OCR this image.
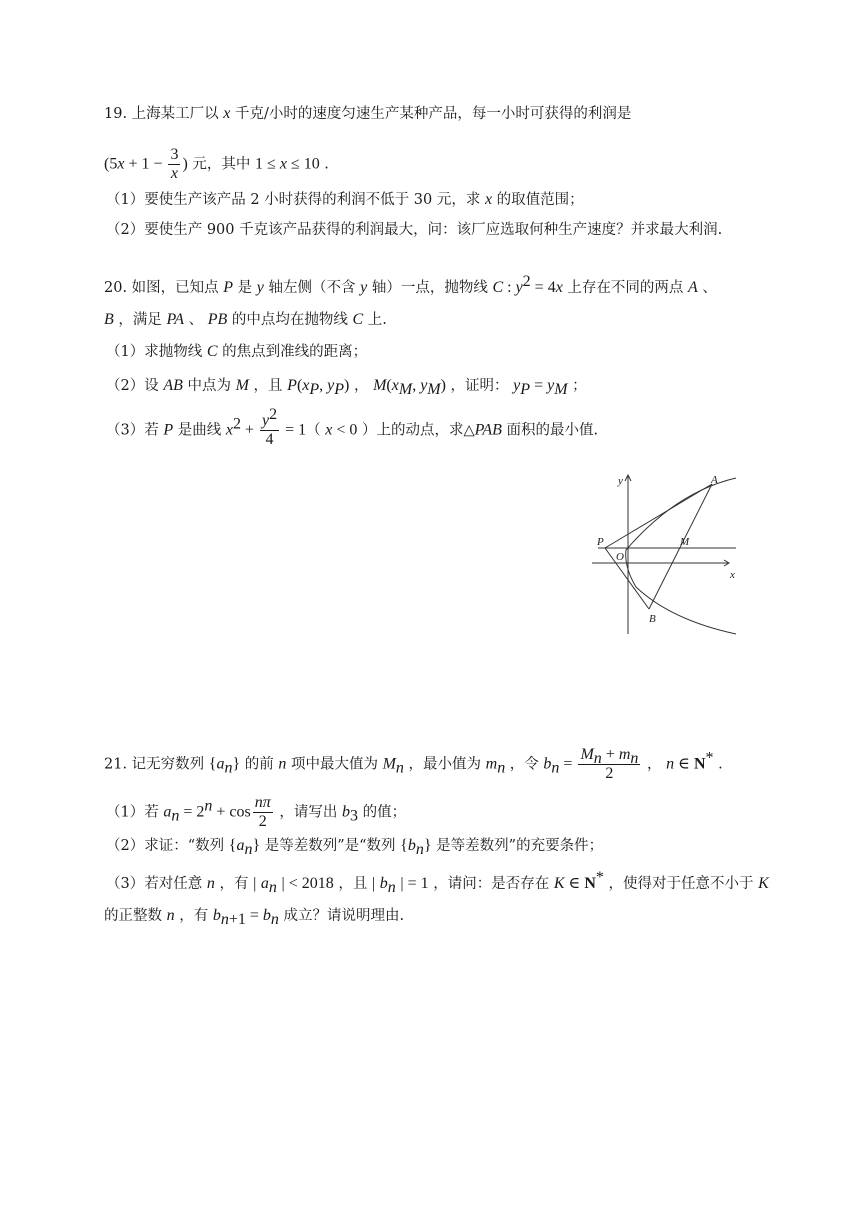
19. 上海某工厂以 x 千克/小时的速度匀速生产某种产品，每一小时可获得的利润是
($5x + 1 - \frac{3}{x}$ ) 元，其中 1 ≤ x ≤ 10 .
（1）要使生产该产品 2 小时获得的利润不低于 30 元，求 x 的取值范围；
（2）要使生产 900 千克该产品获得的利润最大，问：该厂应选取何种生产速度？并求最大利润.
20. 如图，已知点 P 是 y 轴左侧（不含 y 轴）一点，抛物线 C : $y^2 = 4x$ 上存在不同的两点 A 、
B ，满足 PA 、 PB 的中点均在抛物线 C 上.
（1）求抛物线 C 的焦点到准线的距离；
（2）设 AB 中点为 M ，且 $P(x_P$, $y_P$) ， $M(x_M$, $y_M$) ，证明： $y_P = y_M$ ；
（3）若 P 是曲线 $x^2 + \frac{y^2}{4} = 1$（ x < 0 ）上的动点，求△PAB 面积的最小值.
y
x
O
P
A
M
B
21. 记无穷数列 $\{a_n\}$ 的前 n 项中最大值为 $M_n$ ，最小值为 $m_n$ ，令 $b_n = \frac{M_n + m_n}{2}$ ， n ∈ N* .
（1）若 $a_n = 2^n + \cos \frac{n\pi}{2}$ ，请写出 $b_3$ 的值；
（2）求证：“数列 $\{a_n\}$ 是等差数列”是“数列 $\{b_n\}$ 是等差数列”的充要条件；
（3）若对任意 n ，有 | $a_n$ | < 2018 ，且 | $b_n$ | = 1 ，请问：是否存在 K ∈ N* ，使得对于任意不小于 K
的正整数 n ，有 $b_{n+1} = b_n$ 成立？请说明理由.
